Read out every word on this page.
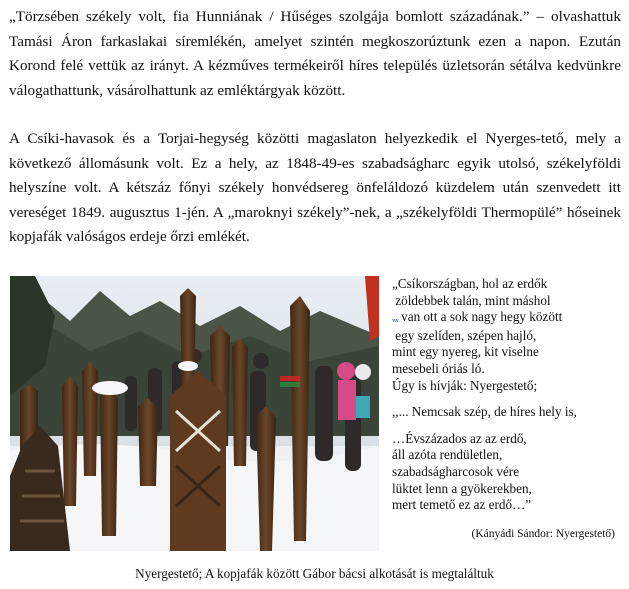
„Törzsében székely volt, fia Hunniának / Hűséges szolgája bomlott századának.” – olvashattuk Tamási Áron farkaslakai síremlékén, amelyet szintén megkoszorúztunk ezen a napon. Ezután Korond felé vettük az irányt. A kézműves termékeiről híres település üzletsorán sétálva kedvünkre válogathattunk, vásárolhattunk az emléktárgyak között.

A Csíki-havasok és a Torjai-hegység közötti magaslaton helyezkedik el Nyerges-tető, mely a következő állomásunk volt. Ez a hely, az 1848-49-es szabadságharc egyik utolsó, székelyföldi helyszíne volt. A kétszáz főnyi székely honvédsereg önfeláldozó küzdelem után szenvedett itt vereséget 1849. augusztus 1-jén. A „maroknyi székely”-nek, a „székelyföldi Thermopülé” hőseinek kopjafák valóságos erdeje őrzi emlékét.

„Csíkországban, hol az erdők
zöldebbek talán, mint máshol
ᵥᵥᵥ van ott a sok nagy hegy között
egy szelíden, szépen hajló,
mint egy nyereg, kit viselne
mesebeli óriás ló.
Úgy is hívják: Nyergestető;
,,... Nemcsak szép, de híres hely is,
…Évszázados az az erdő,
áll azóta rendületlen,
szabadságharcosok vére
lüktet lenn a gyökerekben,
mert temető ez az erdő…”
(Kányádi Sándor: Nyergestető)
Nyergestető; A kopjafák között Gábor bácsi alkotását is megtaláltuk
